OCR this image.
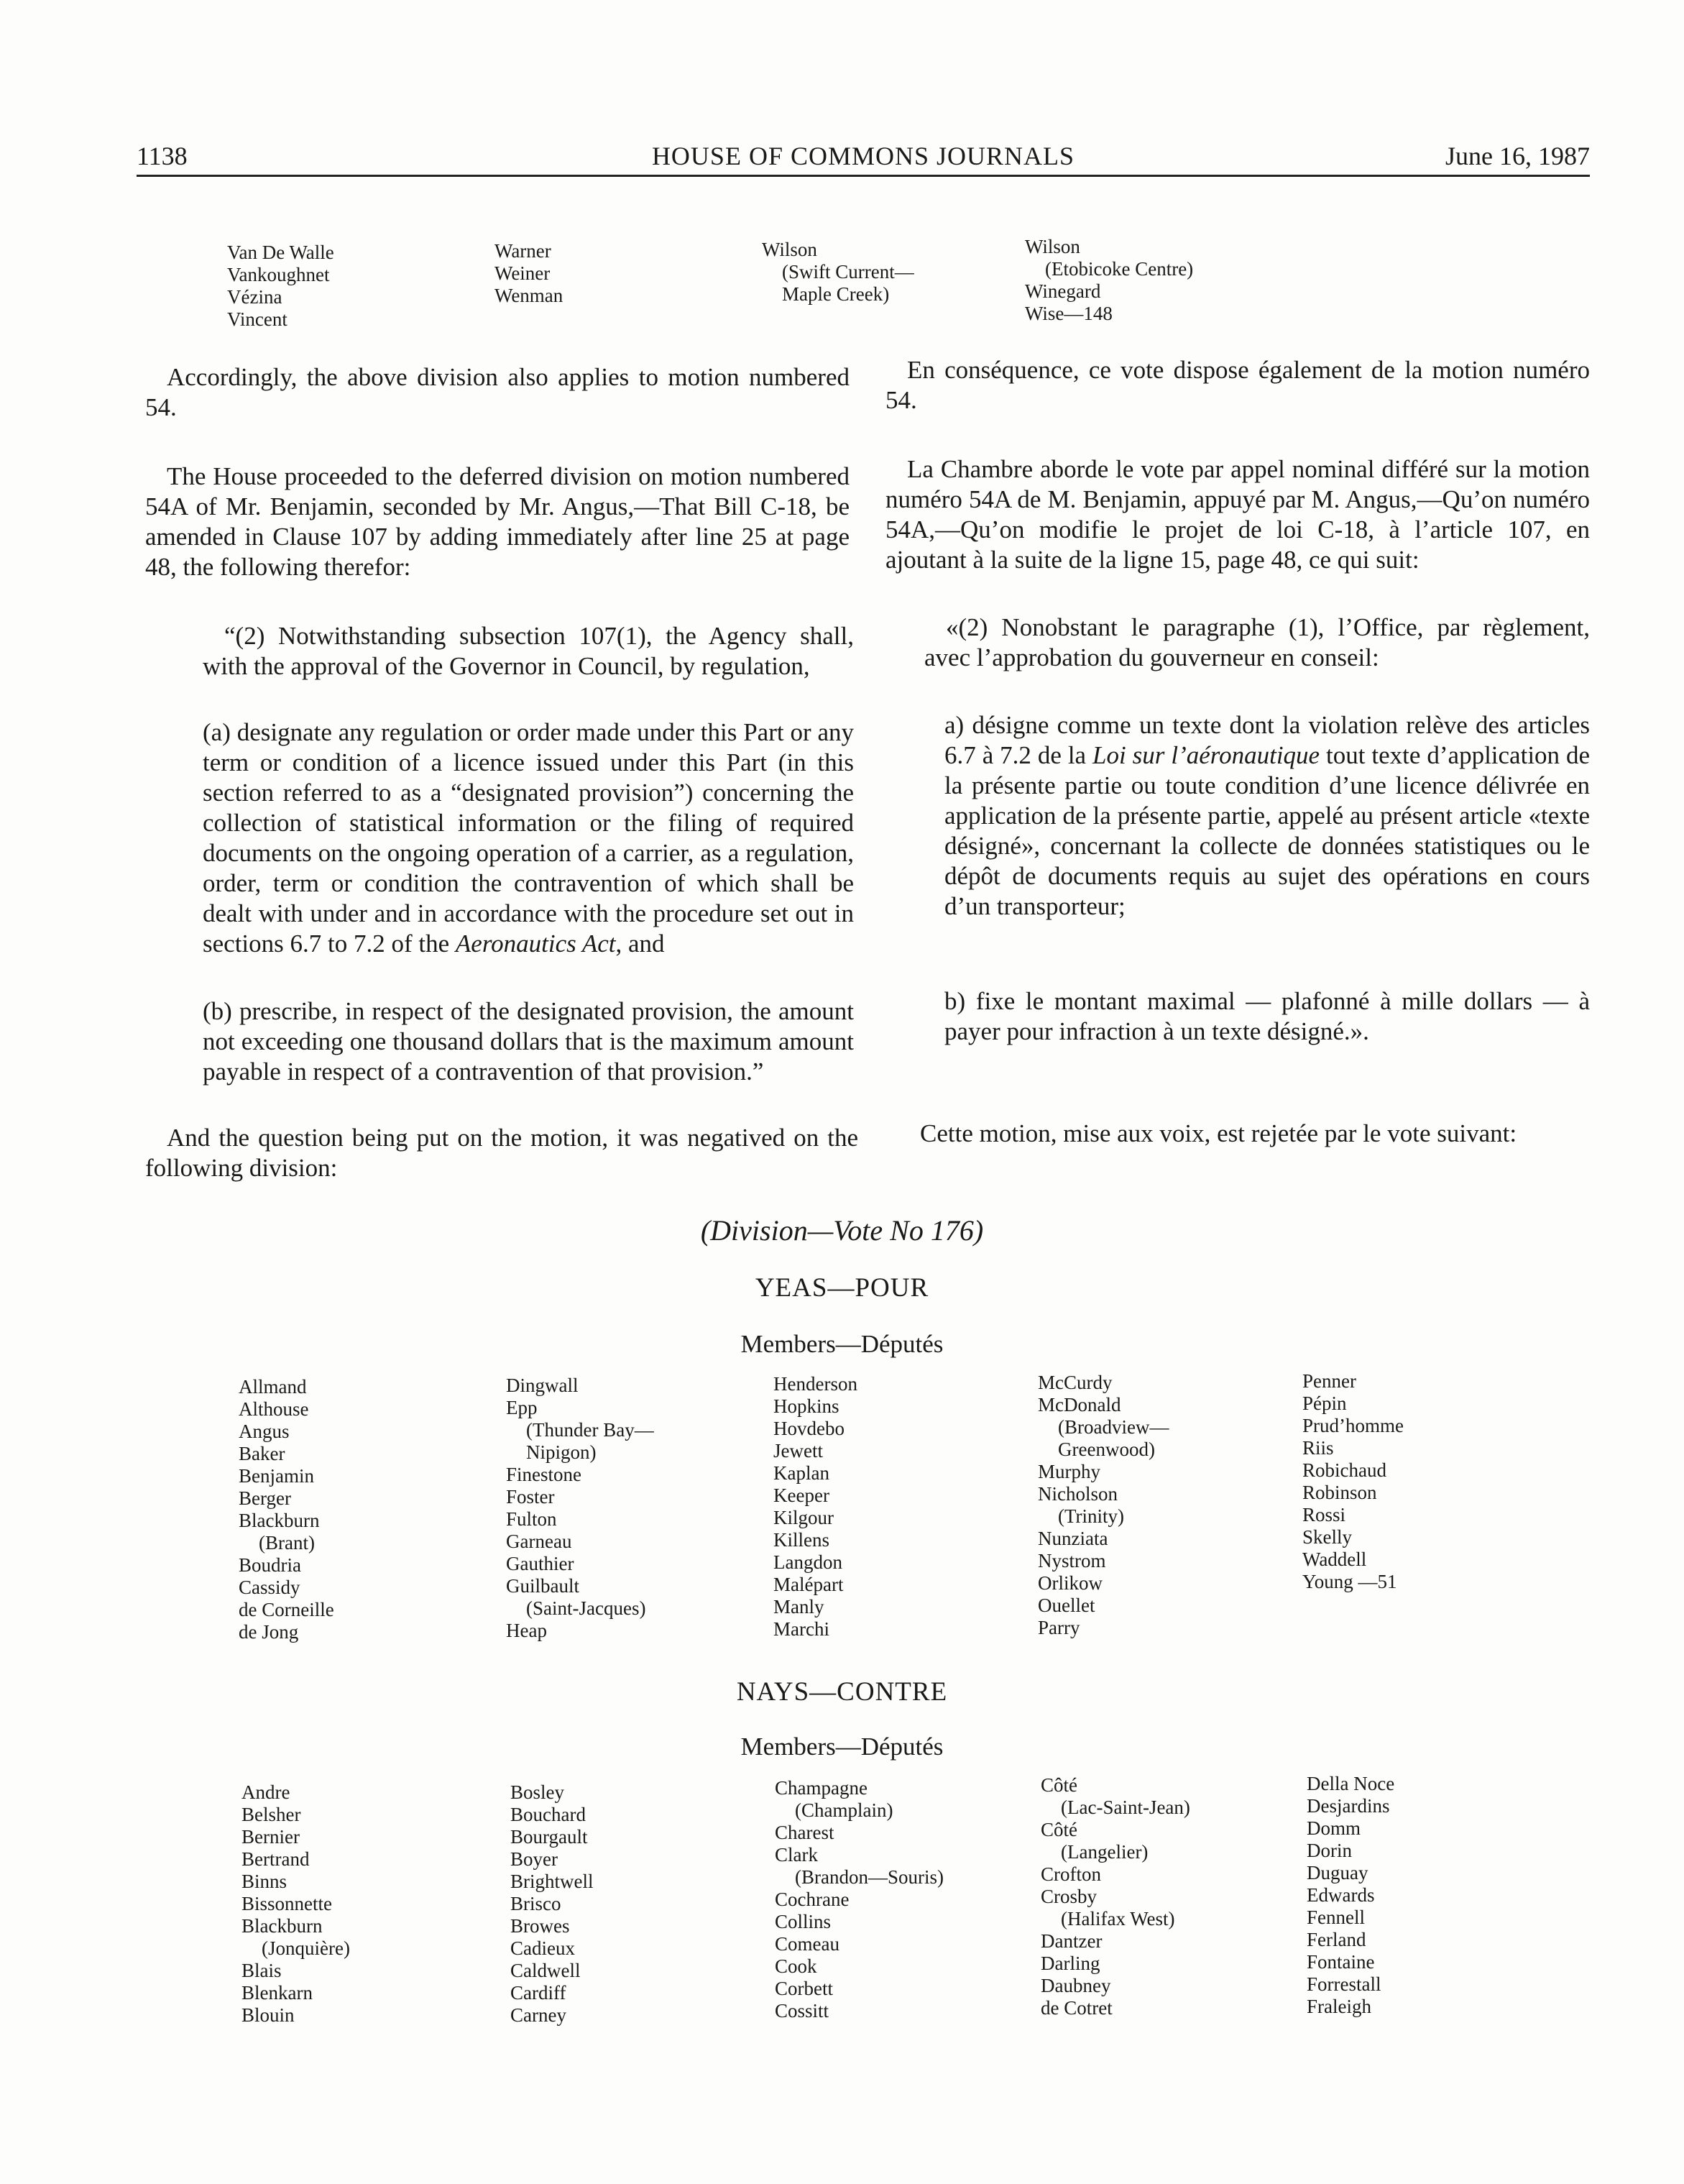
1138	HOUSE OF COMMONS JOURNALS	June 16, 1987
Van De Walle
Vankoughnet
Vézina
Vincent
Warner
Weiner
Wenman
Wilson
(Swift Current—
Maple Creek)
Wilson
(Etobicoke Centre)
Winegard
Wise—148

Accordingly, the above division also applies to motion numbered 54.

The House proceeded to the deferred division on motion numbered 54A of Mr. Benjamin, seconded by Mr. Angus,—That Bill C-18, be amended in Clause 107 by adding immediately after line 25 at page 48, the following therefor:

“(2) Notwithstanding subsection 107(1), the Agency shall, with the approval of the Governor in Council, by regulation,

(a) designate any regulation or order made under this Part or any term or condition of a licence issued under this Part (in this section referred to as a “designated provision”) concerning the collection of statistical information or the filing of required documents on the ongoing operation of a carrier, as a regulation, order, term or condition the contravention of which shall be dealt with under and in accordance with the procedure set out in sections 6.7 to 7.2 of the Aeronautics Act, and

(b) prescribe, in respect of the designated provision, the amount not exceeding one thousand dollars that is the maximum amount payable in respect of a contravention of that provision.”

And the question being put on the motion, it was negatived on the following division:

En conséquence, ce vote dispose également de la motion numéro 54.

La Chambre aborde le vote par appel nominal différé sur la motion numéro 54A de M. Benjamin, appuyé par M. Angus,—Qu’on numéro 54A,—Qu’on modifie le projet de loi C-18, à l’article 107, en ajoutant à la suite de la ligne 15, page 48, ce qui suit:

«(2) Nonobstant le paragraphe (1), l’Office, par règlement, avec l’approbation du gouverneur en conseil:

a) désigne comme un texte dont la violation relève des articles 6.7 à 7.2 de la Loi sur l’aéronautique tout texte d’application de la présente partie ou toute condition d’une licence délivrée en application de la présente partie, appelé au présent article «texte désigné», concernant la collecte de données statistiques ou le dépôt de documents requis au sujet des opérations en cours d’un transporteur;

b) fixe le montant maximal — plafonné à mille dollars — à payer pour infraction à un texte désigné.».

Cette motion, mise aux voix, est rejetée par le vote suivant:

(Division—Vote No 176)
YEAS—POUR
Members—Députés
Allmand
Althouse
Angus
Baker
Benjamin
Berger
Blackburn
(Brant)
Boudria
Cassidy
de Corneille
de Jong
Dingwall
Epp
(Thunder Bay—
Nipigon)
Finestone
Foster
Fulton
Garneau
Gauthier
Guilbault
(Saint-Jacques)
Heap
Henderson
Hopkins
Hovdebo
Jewett
Kaplan
Keeper
Kilgour
Killens
Langdon
Malépart
Manly
Marchi
McCurdy
McDonald
(Broadview—
Greenwood)
Murphy
Nicholson
(Trinity)
Nunziata
Nystrom
Orlikow
Ouellet
Parry
Penner
Pépin
Prud’homme
Riis
Robichaud
Robinson
Rossi
Skelly
Waddell
Young —51
NAYS—CONTRE
Members—Députés
Andre
Belsher
Bernier
Bertrand
Binns
Bissonnette
Blackburn
(Jonquière)
Blais
Blenkarn
Blouin
Bosley
Bouchard
Bourgault
Boyer
Brightwell
Brisco
Browes
Cadieux
Caldwell
Cardiff
Carney
Champagne
(Champlain)
Charest
Clark
(Brandon—Souris)
Cochrane
Collins
Comeau
Cook
Corbett
Cossitt
Côté
(Lac-Saint-Jean)
Côté
(Langelier)
Crofton
Crosby
(Halifax West)
Dantzer
Darling
Daubney
de Cotret
Della Noce
Desjardins
Domm
Dorin
Duguay
Edwards
Fennell
Ferland
Fontaine
Forrestall
Fraleigh
